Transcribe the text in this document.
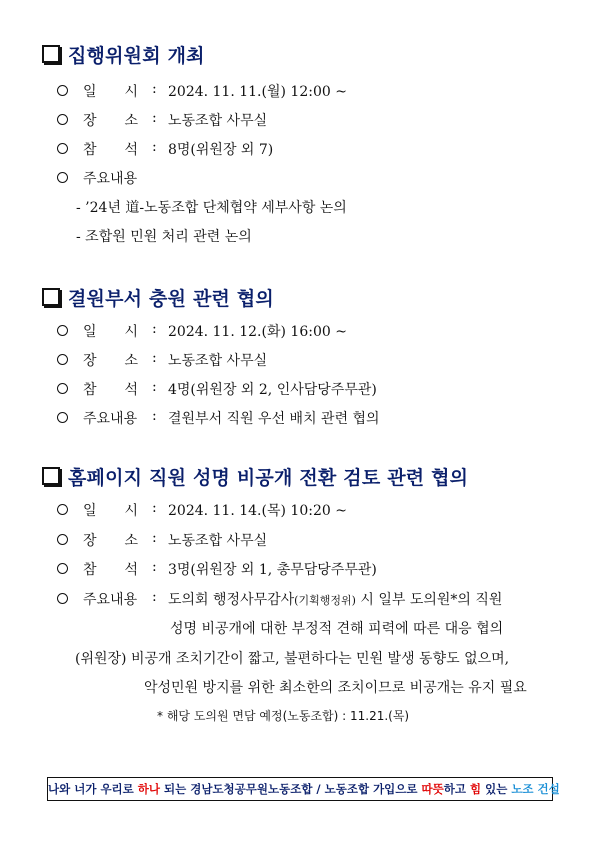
집행위원회 개최
일　　시 : 2024. 11. 11.(월) 12:00 ~
장　　소 : 노동조합 사무실
참　　석 : 8명(위원장 외 7)
주요내용
- ’24년 道-노동조합 단체협약 세부사항 논의
- 조합원 민원 처리 관련 논의
결원부서 충원 관련 협의
일　　시 : 2024. 11. 12.(화) 16:00 ~
장　　소 : 노동조합 사무실
참　　석 : 4명(위원장 외 2, 인사담당주무관)
주요내용 : 결원부서 직원 우선 배치 관련 협의
홈페이지 직원 성명 비공개 전환 검토 관련 협의
일　　시 : 2024. 11. 14.(목) 10:20 ~
장　　소 : 노동조합 사무실
참　　석 : 3명(위원장 외 1, 총무담당주무관)
주요내용 : 도의회 행정사무감사(기획행정위) 시 일부 도의원*의 직원
성명 비공개에 대한 부정적 견해 피력에 따른 대응 협의
(위원장) 비공개 조치기간이 짧고, 불편하다는 민원 발생 동향도 없으며,
악성민원 방지를 위한 최소한의 조치이므로 비공개는 유지 필요
* 해당 도의원 면담 예정(노동조합) : 11.21.(목)
나와 너가 우리로 하나 되는 경남도청공무원노동조합 / 노동조합 가입으로 따뜻하고 힘 있는 노조 건설
